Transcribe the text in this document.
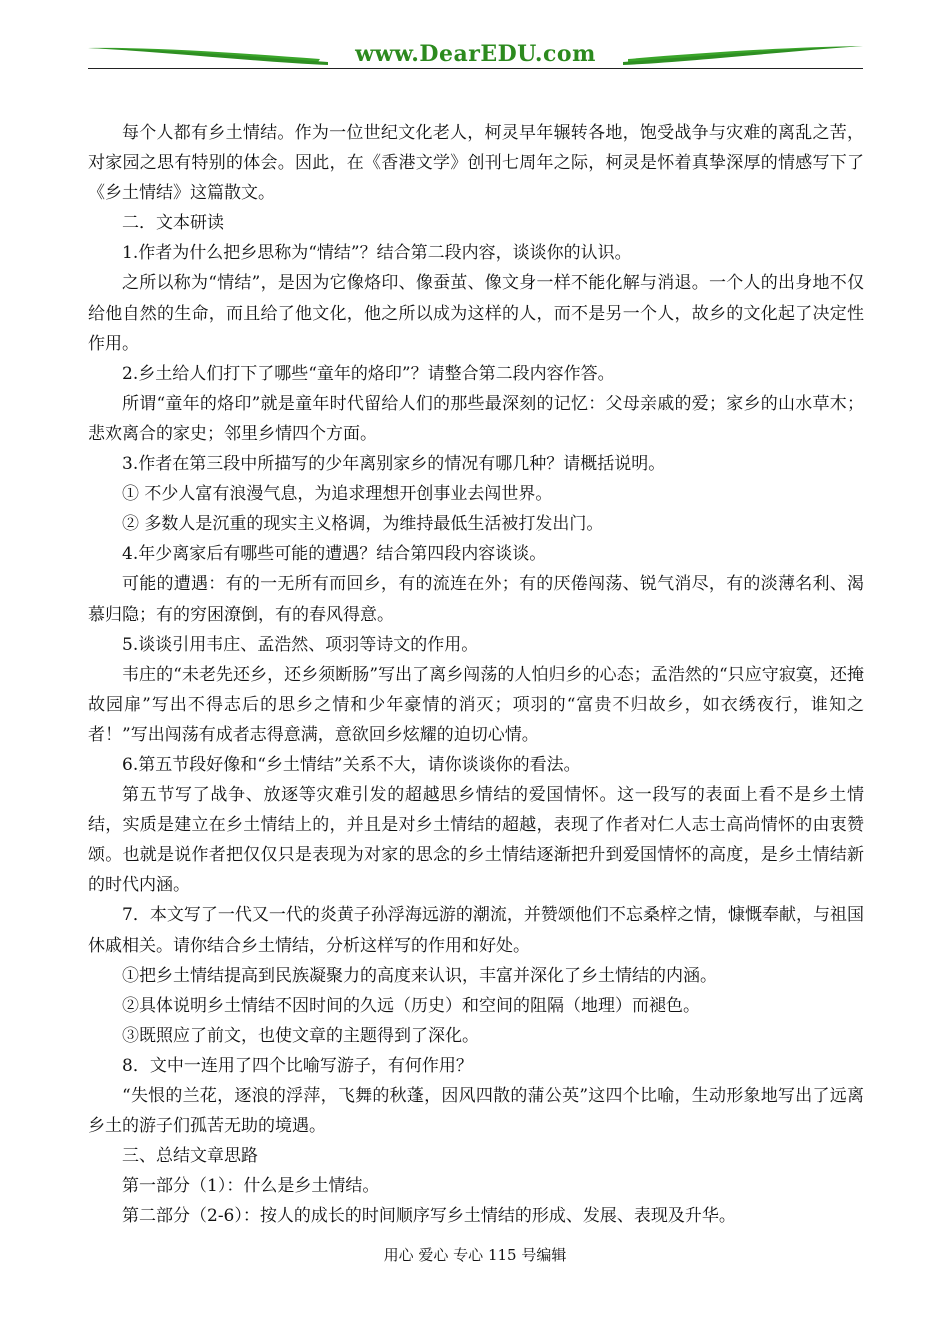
www.DearEDU.com

每个人都有乡土情结。作为一位世纪文化老人，柯灵早年辗转各地，饱受战争与灾难的离乱之苦，对家园之思有特别的体会。因此，在《香港文学》创刊七周年之际，柯灵是怀着真挚深厚的情感写下了《乡土情结》这篇散文。

二．文本研读

1.作者为什么把乡思称为“情结”？结合第二段内容，谈谈你的认识。

之所以称为“情结”，是因为它像烙印、像蚕茧、像文身一样不能化解与消退。一个人的出身地不仅给他自然的生命，而且给了他文化，他之所以成为这样的人，而不是另一个人，故乡的文化起了决定性作用。

2.乡土给人们打下了哪些“童年的烙印”？请整合第二段内容作答。

所谓“童年的烙印”就是童年时代留给人们的那些最深刻的记忆：父母亲戚的爱；家乡的山水草木；悲欢离合的家史；邻里乡情四个方面。

3.作者在第三段中所描写的少年离别家乡的情况有哪几种？请概括说明。

① 不少人富有浪漫气息，为追求理想开创事业去闯世界。

② 多数人是沉重的现实主义格调，为维持最低生活被打发出门。

4.年少离家后有哪些可能的遭遇？结合第四段内容谈谈。

可能的遭遇：有的一无所有而回乡，有的流连在外；有的厌倦闯荡、锐气消尽，有的淡薄名利、渴慕归隐；有的穷困潦倒，有的春风得意。

5.谈谈引用韦庄、孟浩然、项羽等诗文的作用。

韦庄的“未老先还乡，还乡须断肠”写出了离乡闯荡的人怕归乡的心态；孟浩然的“只应守寂寞，还掩故园扉”写出不得志后的思乡之情和少年豪情的消灭；项羽的“富贵不归故乡，如衣绣夜行，谁知之者！”写出闯荡有成者志得意满，意欲回乡炫耀的迫切心情。

6.第五节段好像和“乡土情结”关系不大，请你谈谈你的看法。

第五节写了战争、放逐等灾难引发的超越思乡情结的爱国情怀。这一段写的表面上看不是乡土情结，实质是建立在乡土情结上的，并且是对乡土情结的超越，表现了作者对仁人志士高尚情怀的由衷赞颂。也就是说作者把仅仅只是表现为对家的思念的乡土情结逐渐把升到爱国情怀的高度，是乡土情结新的时代内涵。

7．本文写了一代又一代的炎黄子孙浮海远游的潮流，并赞颂他们不忘桑梓之情，慷慨奉献，与祖国休戚相关。请你结合乡土情结，分析这样写的作用和好处。

①把乡土情结提高到民族凝聚力的高度来认识，丰富并深化了乡土情结的内涵。

②具体说明乡土情结不因时间的久远（历史）和空间的阻隔（地理）而褪色。

③既照应了前文，也使文章的主题得到了深化。

8．文中一连用了四个比喻写游子，有何作用？

“失恨的兰花，逐浪的浮萍，飞舞的秋蓬，因风四散的蒲公英”这四个比喻，生动形象地写出了远离乡土的游子们孤苦无助的境遇。

三、总结文章思路

第一部分（1）：什么是乡土情结。

第二部分（2-6）：按人的成长的时间顺序写乡土情结的形成、发展、表现及升华。

用心 爱心 专心 115 号编辑
